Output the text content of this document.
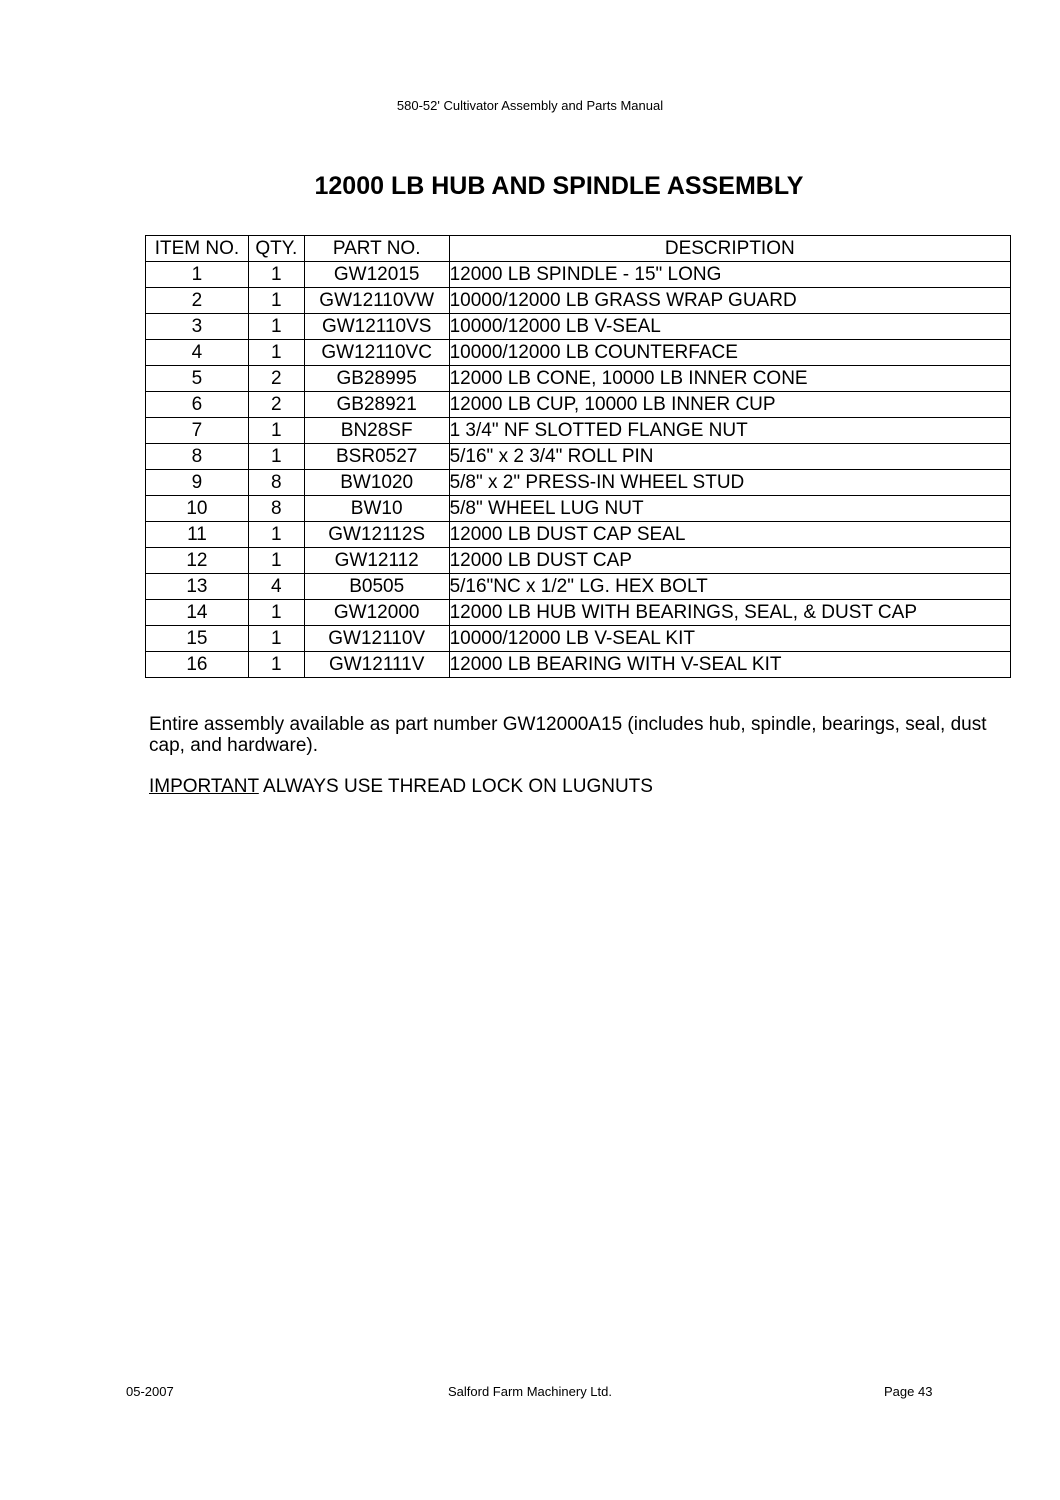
580-52' Cultivator Assembly and Parts Manual
12000 LB HUB AND SPINDLE ASSEMBLY
ITEM NO.	QTY.	PART NO.	DESCRIPTION
1	1	GW12015	12000 LB SPINDLE - 15" LONG
2	1	GW12110VW	10000/12000 LB GRASS WRAP GUARD
3	1	GW12110VS	10000/12000 LB V-SEAL
4	1	GW12110VC	10000/12000 LB COUNTERFACE
5	2	GB28995	12000 LB CONE, 10000 LB INNER CONE
6	2	GB28921	12000 LB CUP, 10000 LB INNER CUP
7	1	BN28SF	1 3/4" NF SLOTTED FLANGE NUT
8	1	BSR0527	5/16" x 2 3/4" ROLL PIN
9	8	BW1020	5/8" x 2" PRESS-IN WHEEL STUD
10	8	BW10	5/8" WHEEL LUG NUT
11	1	GW12112S	12000 LB DUST CAP SEAL
12	1	GW12112	12000 LB DUST CAP
13	4	B0505	5/16"NC x 1/2" LG. HEX BOLT
14	1	GW12000	12000 LB HUB WITH BEARINGS, SEAL, & DUST CAP
15	1	GW12110V	10000/12000 LB V-SEAL KIT
16	1	GW12111V	12000 LB BEARING WITH V-SEAL KIT

Entire assembly available as part number GW12000A15 (includes hub, spindle, bearings, seal, dust cap, and hardware).

IMPORTANT ALWAYS USE THREAD LOCK ON LUGNUTS

05-2007	Salford Farm Machinery Ltd.	Page 43
